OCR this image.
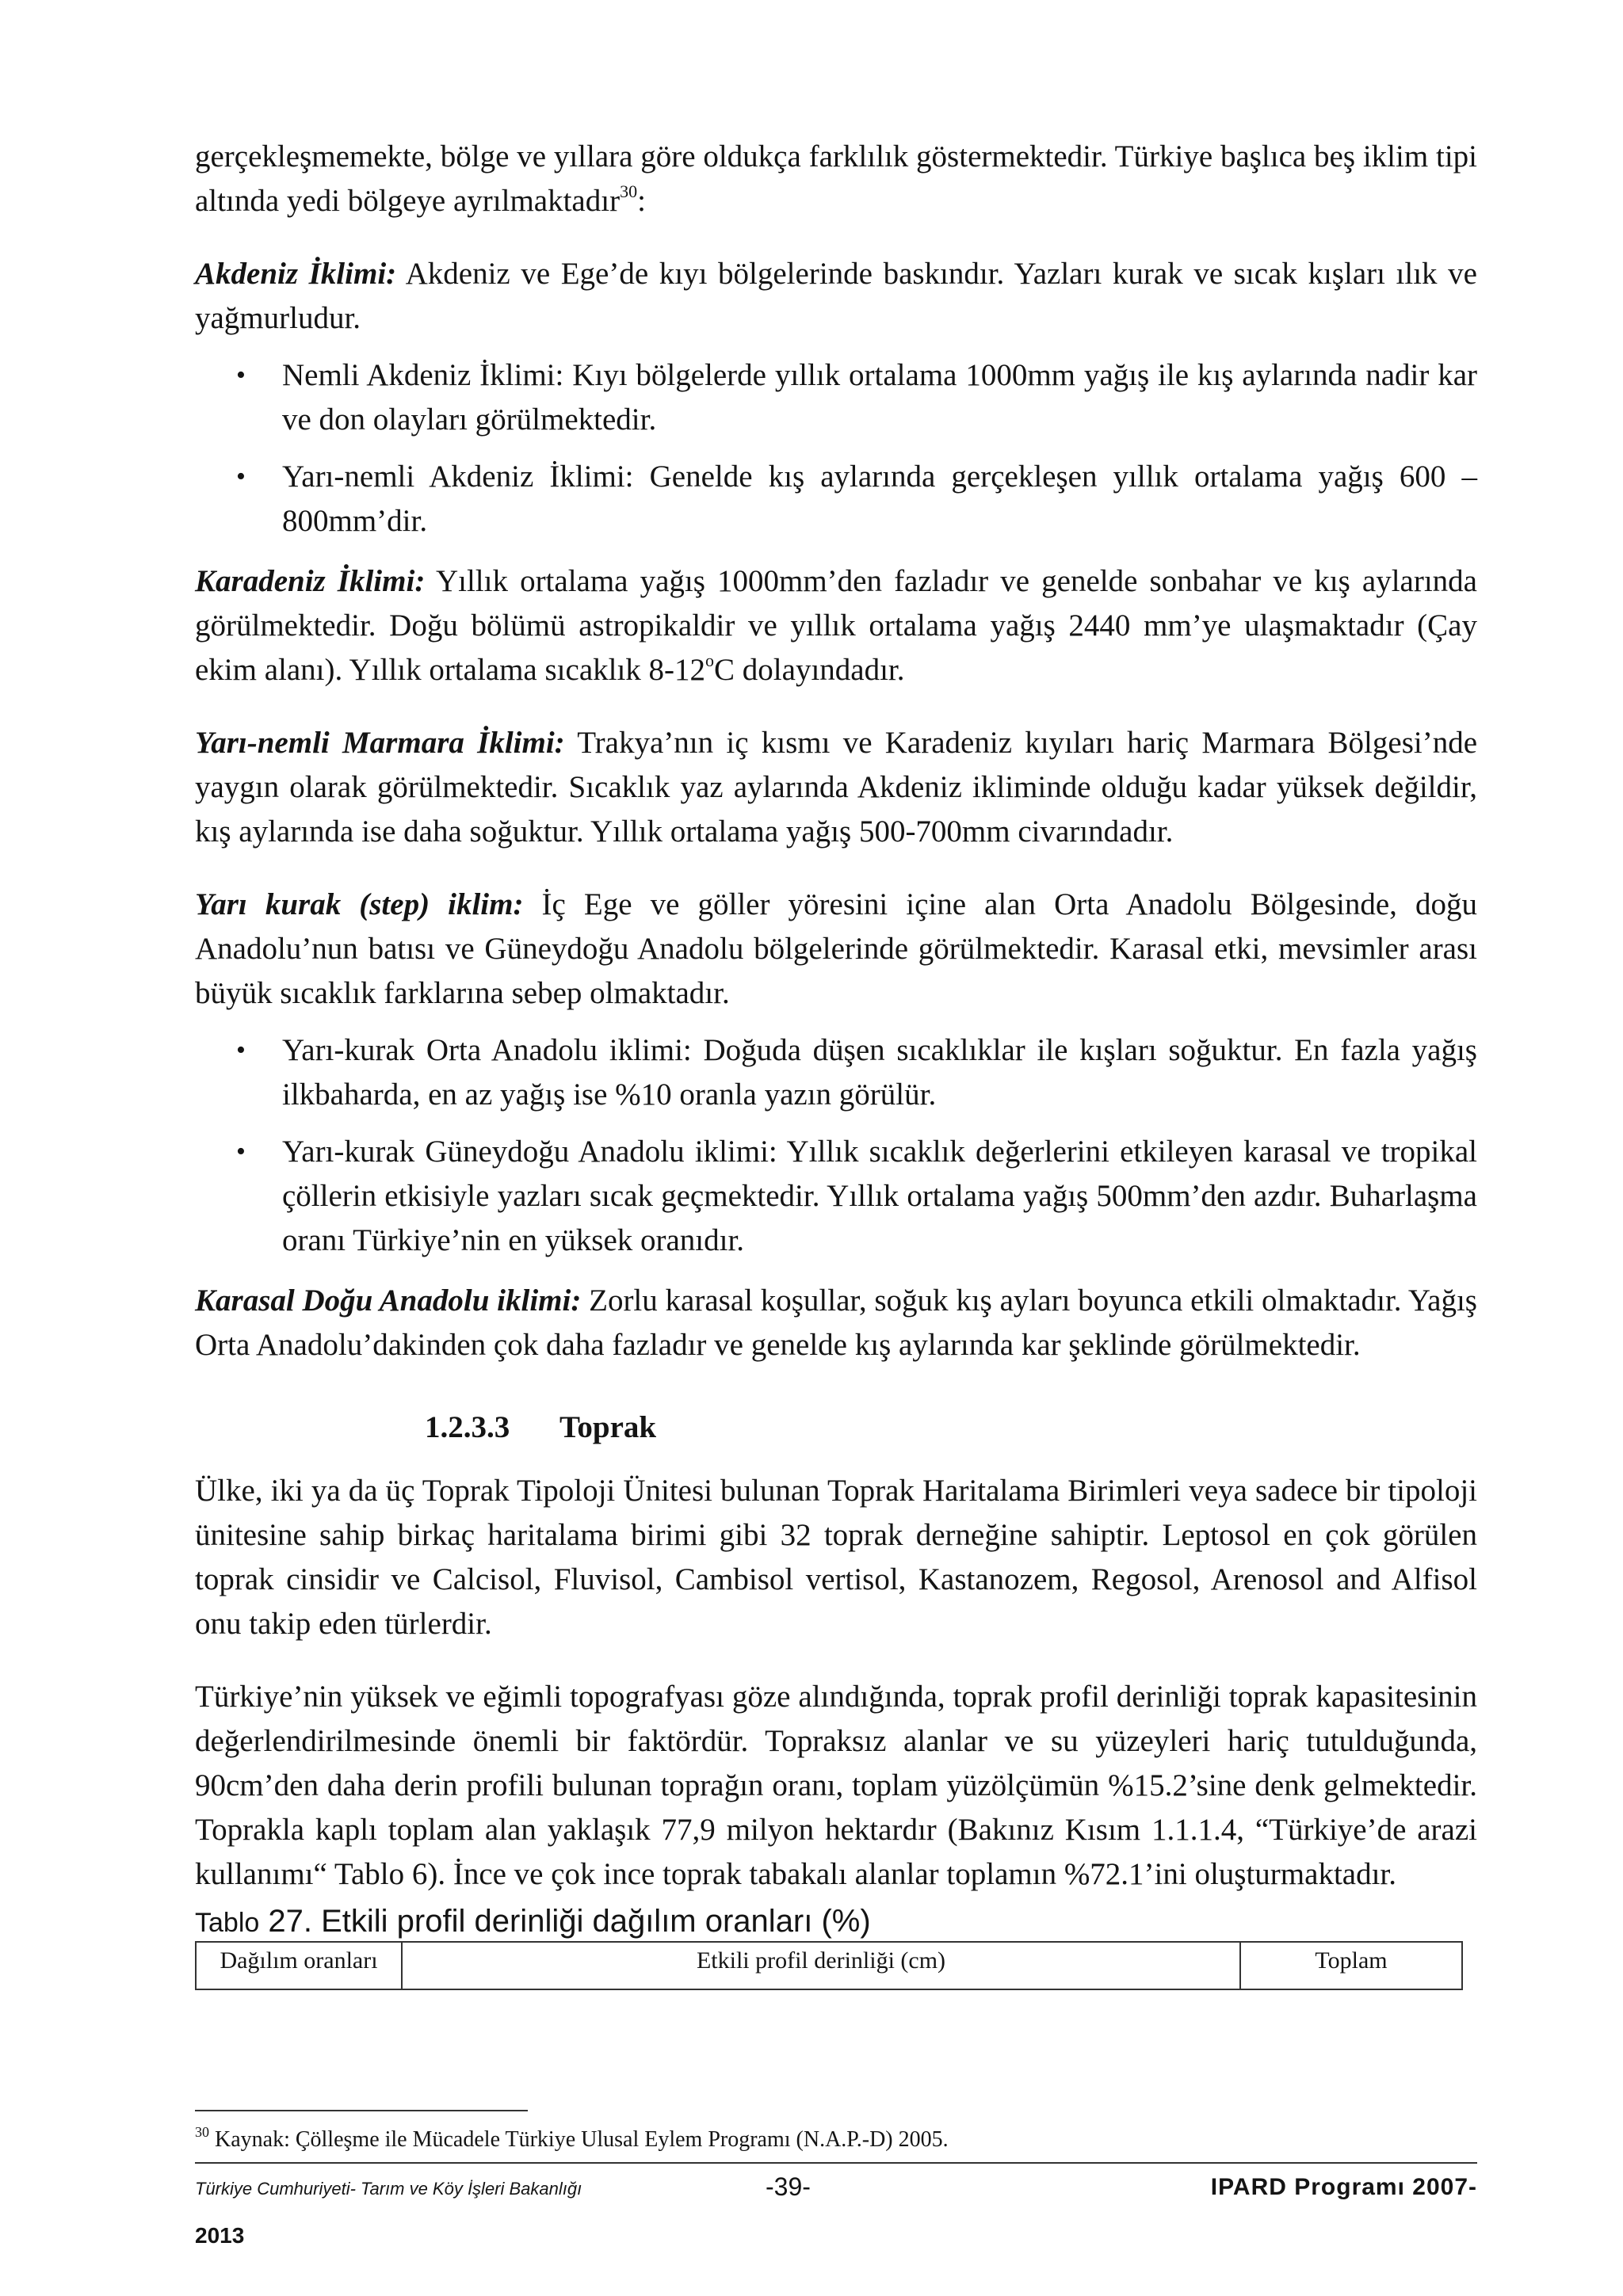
gerçekleşmemekte, bölge ve yıllara göre oldukça farklılık göstermektedir. Türkiye başlıca beş iklim tipi altında yedi bölgeye ayrılmaktadır$^{30}$:

Akdeniz İklimi: Akdeniz ve Ege’de kıyı bölgelerinde baskındır. Yazları kurak ve sıcak kışları ılık ve yağmurludur.

• Nemli Akdeniz İklimi: Kıyı bölgelerde yıllık ortalama 1000mm yağış ile kış aylarında nadir kar ve don olayları görülmektedir.
• Yarı-nemli Akdeniz İklimi: Genelde kış aylarında gerçekleşen yıllık ortalama yağış 600 – 800mm’dir.

Karadeniz İklimi: Yıllık ortalama yağış 1000mm’den fazladır ve genelde sonbahar ve kış aylarında görülmektedir. Doğu bölümü astropikaldir ve yıllık ortalama yağış 2440 mm’ye ulaşmaktadır (Çay ekim alanı). Yıllık ortalama sıcaklık 8-12$^o$C dolayındadır.

Yarı-nemli Marmara İklimi: Trakya’nın iç kısmı ve Karadeniz kıyıları hariç Marmara Bölgesi’nde yaygın olarak görülmektedir. Sıcaklık yaz aylarında Akdeniz ikliminde olduğu kadar yüksek değildir, kış aylarında ise daha soğuktur. Yıllık ortalama yağış 500-700mm civarındadır.

Yarı kurak (step) iklim: İç Ege ve göller yöresini içine alan Orta Anadolu Bölgesinde, doğu Anadolu’nun batısı ve Güneydoğu Anadolu bölgelerinde görülmektedir. Karasal etki, mevsimler arası büyük sıcaklık farklarına sebep olmaktadır.

• Yarı-kurak Orta Anadolu iklimi: Doğuda düşen sıcaklıklar ile kışları soğuktur. En fazla yağış ilkbaharda, en az yağış ise %10 oranla yazın görülür.
• Yarı-kurak Güneydoğu Anadolu iklimi: Yıllık sıcaklık değerlerini etkileyen karasal ve tropikal çöllerin etkisiyle yazları sıcak geçmektedir. Yıllık ortalama yağış 500mm’den azdır. Buharlaşma oranı Türkiye’nin en yüksek oranıdır.

Karasal Doğu Anadolu iklimi: Zorlu karasal koşullar, soğuk kış ayları boyunca etkili olmaktadır. Yağış Orta Anadolu’dakinden çok daha fazladır ve genelde kış aylarında kar şeklinde görülmektedir.

1.2.3.3 Toprak

Ülke, iki ya da üç Toprak Tipoloji Ünitesi bulunan Toprak Haritalama Birimleri veya sadece bir tipoloji ünitesine sahip birkaç haritalama birimi gibi 32 toprak derneğine sahiptir. Leptosol en çok görülen toprak cinsidir ve Calcisol, Fluvisol, Cambisol vertisol, Kastanozem, Regosol, Arenosol and Alfisol onu takip eden türlerdir.

Türkiye’nin yüksek ve eğimli topografyası göze alındığında, toprak profil derinliği toprak kapasitesinin değerlendirilmesinde önemli bir faktördür. Topraksız alanlar ve su yüzeyleri hariç tutulduğunda, 90cm’den daha derin profili bulunan toprağın oranı, toplam yüzölçümün %15.2’sine denk gelmektedir. Toprakla kaplı toplam alan yaklaşık 77,9 milyon hektardır (Bakınız Kısım 1.1.1.4, “Türkiye’de arazi kullanımı“ Tablo 6). İnce ve çok ince toprak tabakalı alanlar toplamın %72.1’ini oluşturmaktadır.

Tablo 27. Etkili profil derinliği dağılım oranları (%)
Dağılım oranları	Etkili profil derinliği (cm)	Toplam
$^{30}$ Kaynak: Çölleşme ile Mücadele Türkiye Ulusal Eylem Programı (N.A.P.-D) 2005.
Türkiye Cumhuriyeti- Tarım ve Köy İşleri Bakanlığı	-39-	IPARD Programı 2007-
2013
